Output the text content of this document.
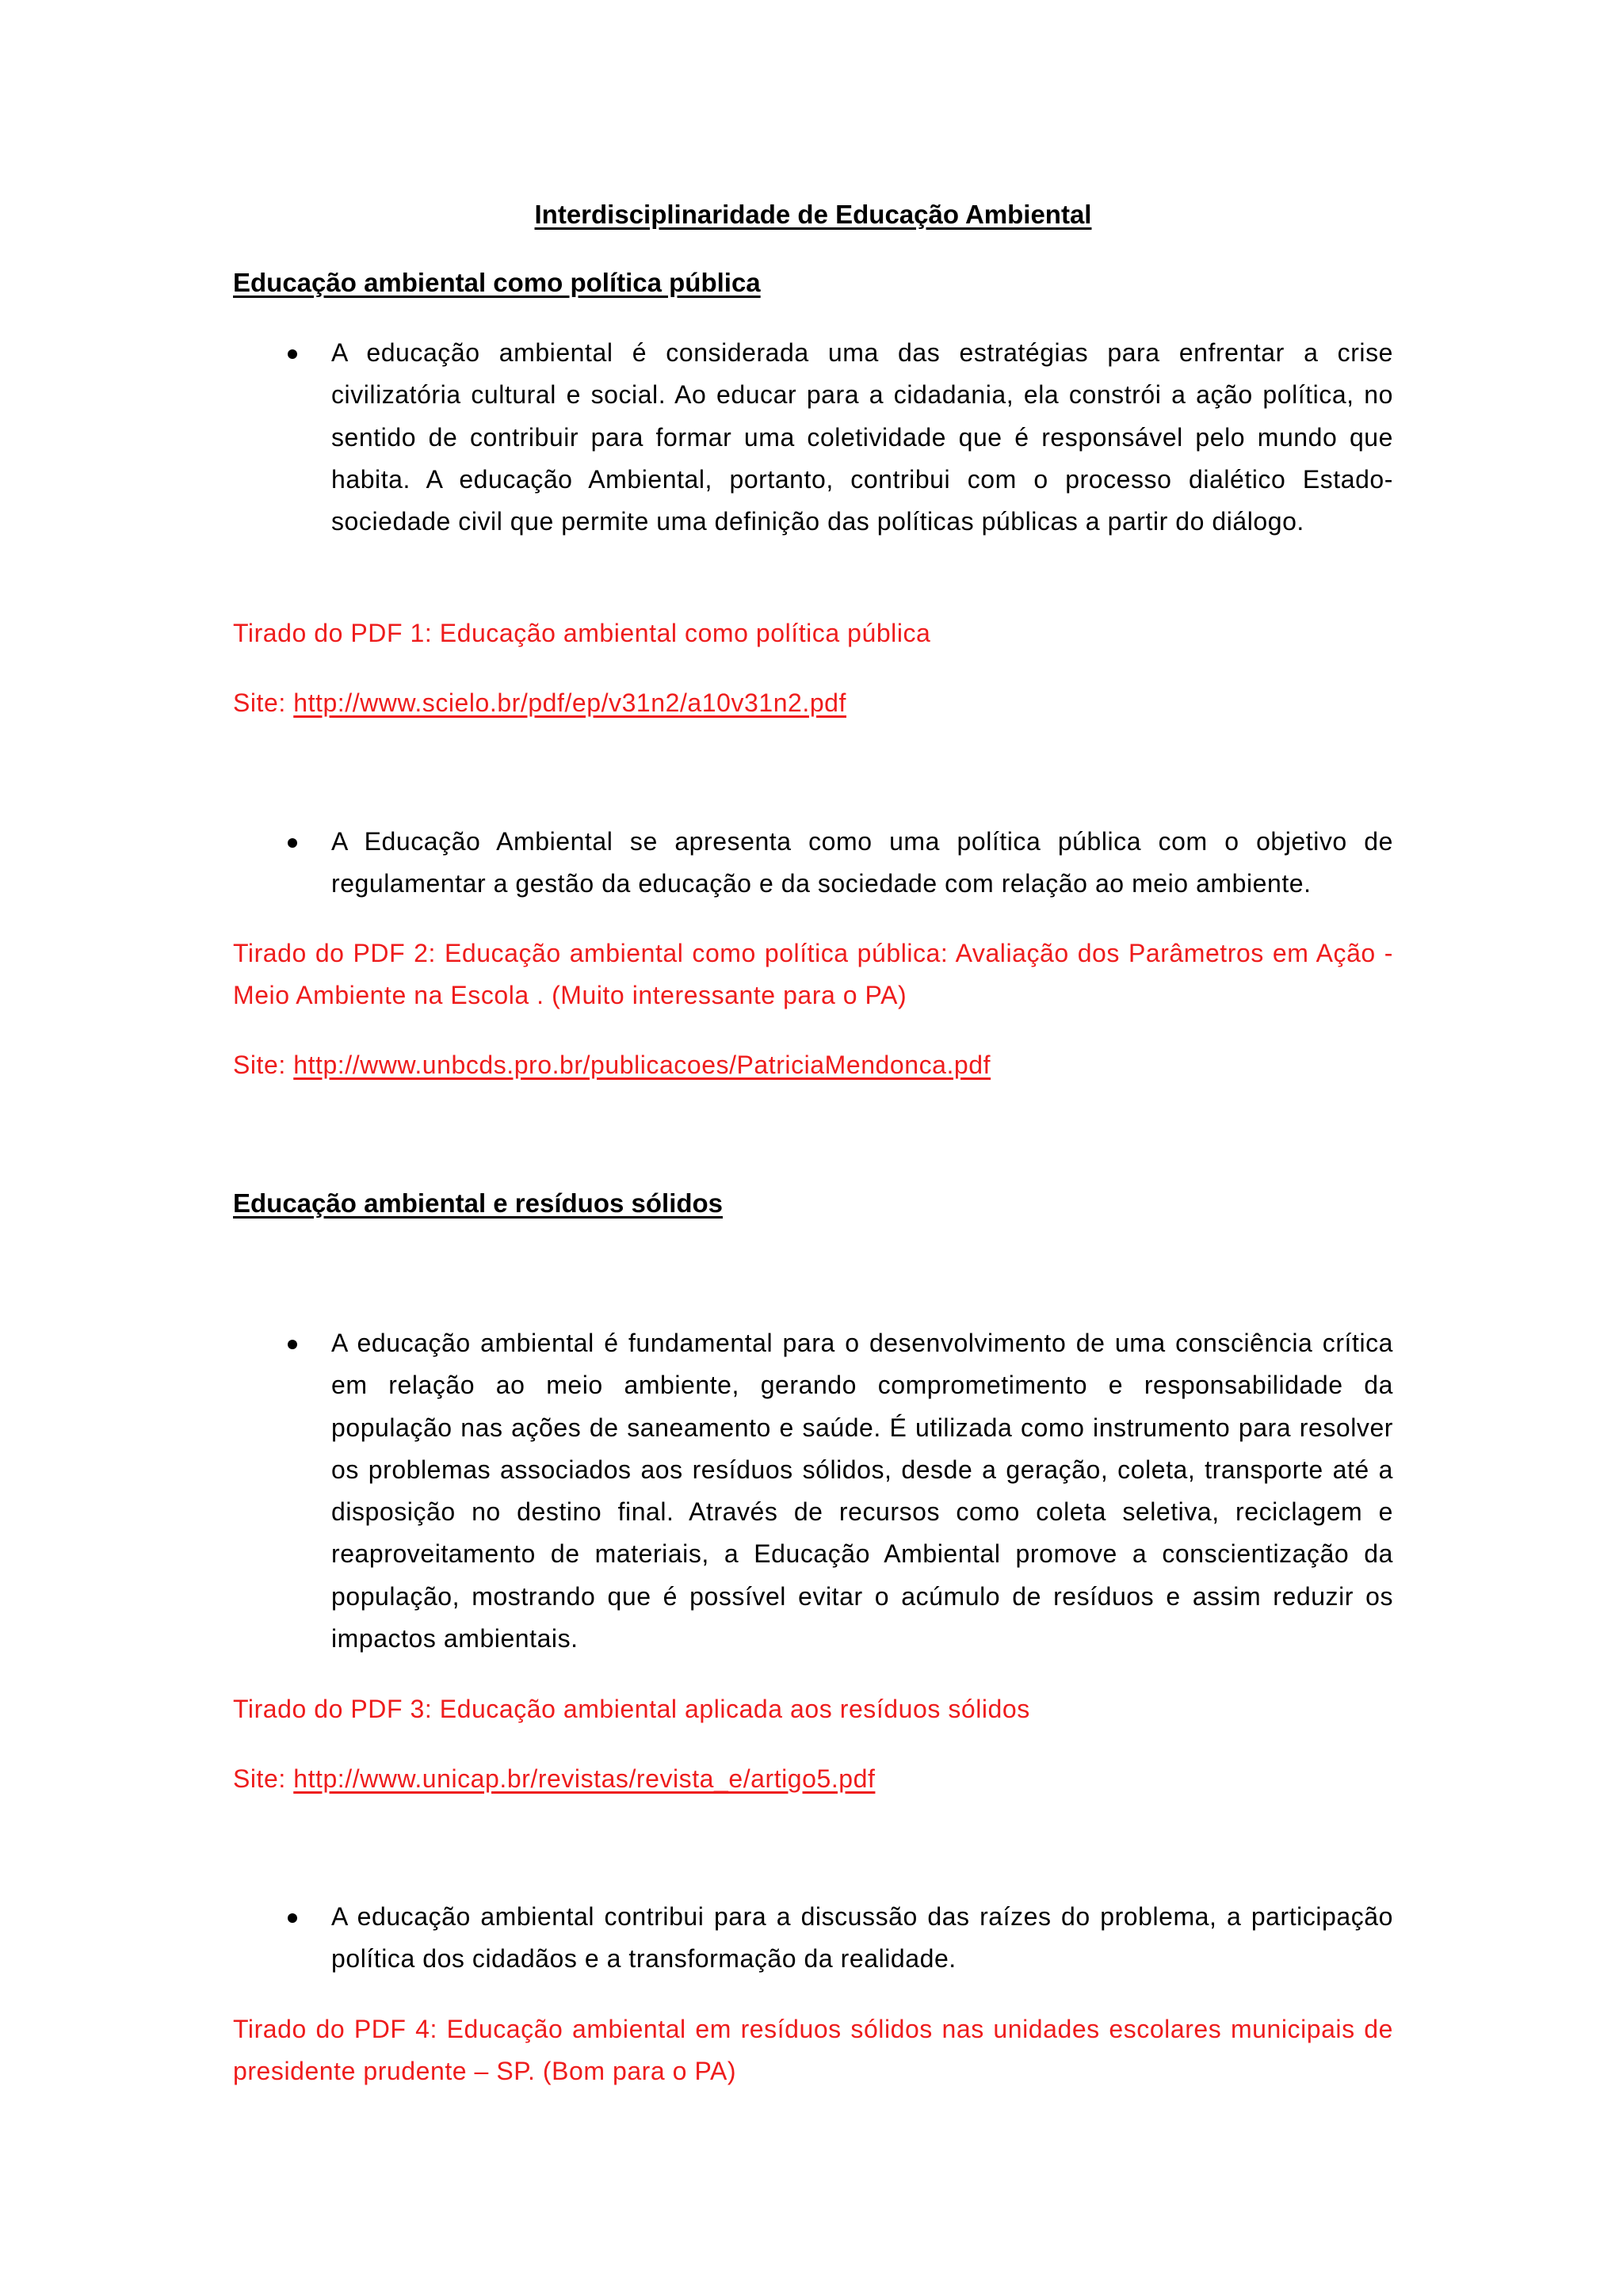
Interdisciplinaridade de Educação Ambiental
Educação ambiental como política pública
A educação ambiental é considerada uma das estratégias para enfrentar a crise civilizatória cultural e social. Ao educar para a cidadania, ela constrói a ação política, no sentido de contribuir para formar uma coletividade que é responsável pelo mundo que habita. A educação Ambiental, portanto, contribui com o processo dialético Estado-sociedade civil que permite uma definição das políticas públicas a partir do diálogo.
Tirado do PDF 1: Educação ambiental como política pública
Site: http://www.scielo.br/pdf/ep/v31n2/a10v31n2.pdf
A Educação Ambiental se apresenta como uma política pública com o objetivo de regulamentar a gestão da educação e da sociedade com relação ao meio ambiente.
Tirado do PDF 2: Educação ambiental como política pública: Avaliação dos Parâmetros em Ação - Meio Ambiente na Escola . (Muito interessante para o PA)
Site: http://www.unbcds.pro.br/publicacoes/PatriciaMendonca.pdf
Educação ambiental e resíduos sólidos
A educação ambiental é fundamental para o desenvolvimento de uma consciência crítica em relação ao meio ambiente, gerando comprometimento e responsabilidade da população nas ações de saneamento e saúde. É utilizada como instrumento para resolver os problemas associados aos resíduos sólidos, desde a geração, coleta, transporte até a disposição no destino final. Através de recursos como coleta seletiva, reciclagem e reaproveitamento de materiais, a Educação Ambiental promove a conscientização da população, mostrando que é possível evitar o acúmulo de resíduos e assim reduzir os impactos ambientais.
Tirado do PDF 3: Educação ambiental aplicada aos resíduos sólidos
Site: http://www.unicap.br/revistas/revista_e/artigo5.pdf
A educação ambiental contribui para a discussão das raízes do problema, a participação política dos cidadãos e a transformação da realidade.
Tirado do PDF 4: Educação ambiental em resíduos sólidos nas unidades escolares municipais de presidente prudente – SP. (Bom para o PA)
